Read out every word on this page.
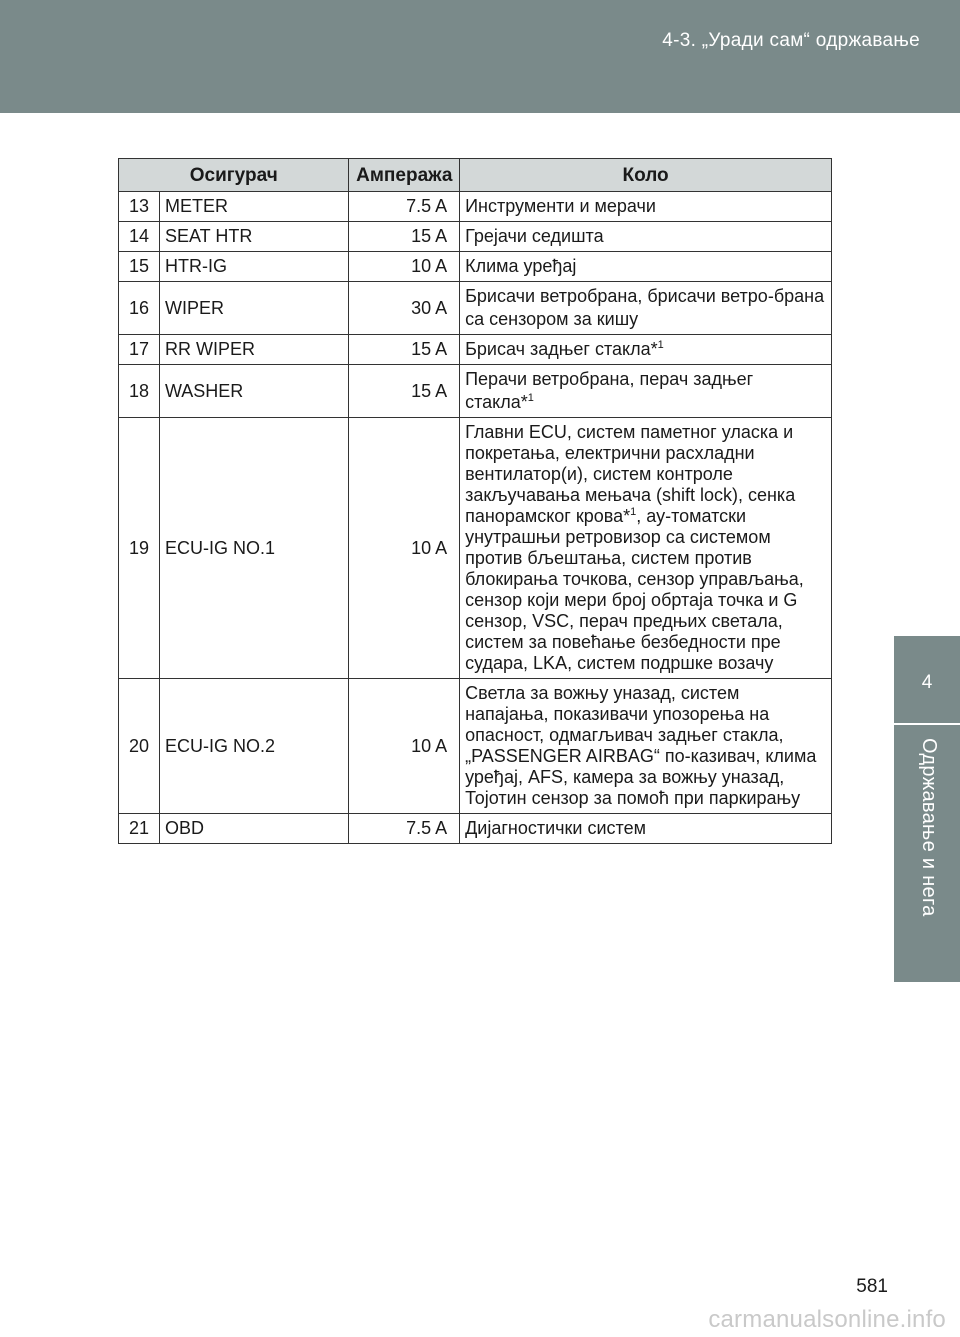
4-3. „Уради сам“ одржавање
4
Одржавање и нега
Осигурач		Ампеража	Коло
13	METER	7.5 A	Инструменти и мерачи
14	SEAT HTR	15 A	Грејачи седишта
15	HTR-IG	10 A	Клима уређај
16	WIPER	30 A	Брисачи ветробрана, брисачи ветро-брана са сензором за кишу
17	RR WIPER	15 A	Брисач задњег стакла*$^1$
18	WASHER	15 A	Перачи ветробрана, перач задњег стакла*$^1$
19	ECU-IG NO.1	10 A	Главни ECU, систем паметног уласка и покретања, електрични расхладни вентилатор(и), систем контроле закључавања мењача (shift lock), сенка панорамског крова*$^1$, ау-томатски унутрашњи ретровизор са системом против бљештања, систем против блокирања точкова, сензор управљања, сензор који мери број обртаја точка и G сензор, VSC, перач предњих светала, систем за повећање безбедности пре судара, LKA, систем подршке возачу
20	ECU-IG NO.2	10 A	Светла за вожњу уназад, систем напајања, показивачи упозорења на опасност, одмагљивач задњег стакла, „PASSENGER AIRBAG“ по-казивач, клима уређај, AFS, камера за вожњу уназад, Тојотин сензор за помоћ при паркирању
21	OBD	7.5 A	Дијагностички систем
581
carmanualsonline.info
